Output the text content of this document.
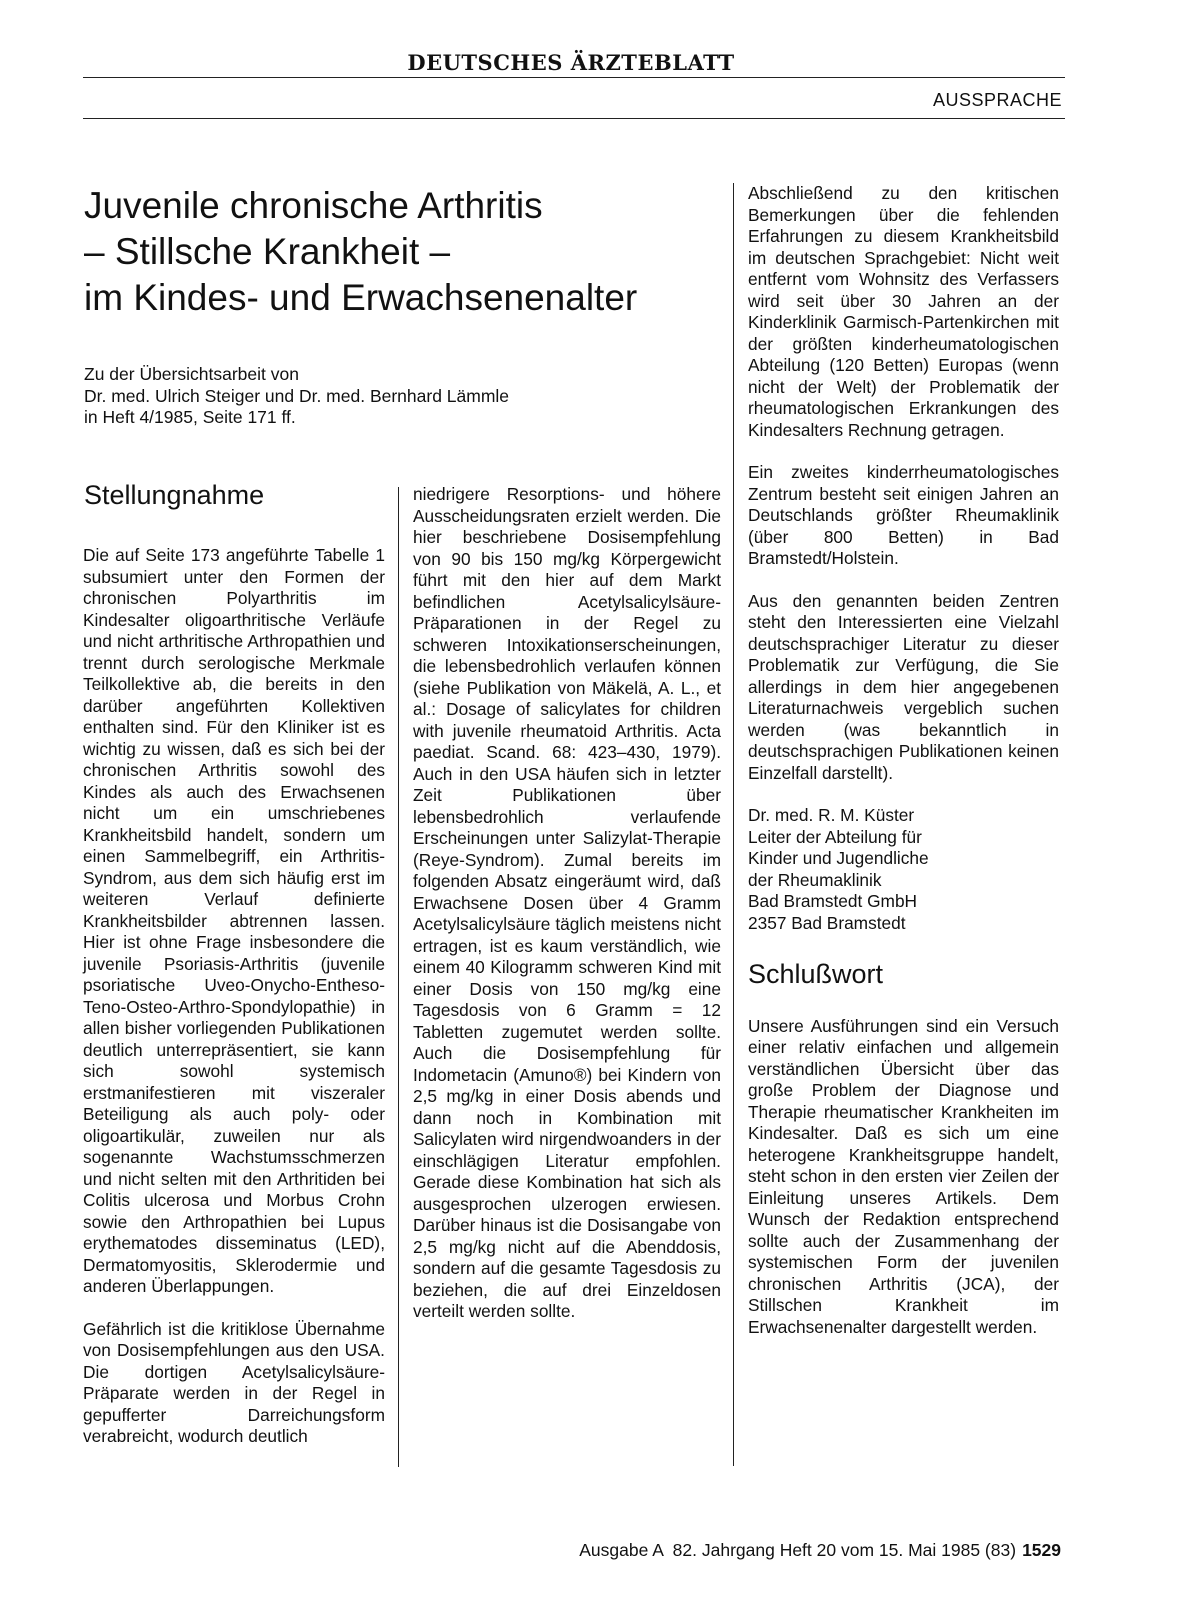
DEUTSCHES ÄRZTEBLATT
AUSSPRACHE
Juvenile chronische Arthritis
– Stillsche Krankheit –
im Kindes- und Erwachsenenalter
Zu der Übersichtsarbeit von
Dr. med. Ulrich Steiger und Dr. med. Bernhard Lämmle
in Heft 4/1985, Seite 171 ff.
Stellungnahme

Die auf Seite 173 angeführte Tabelle 1 subsumiert unter den Formen der chronischen Polyarthritis im Kindesalter oligoarthritische Verläufe und nicht arthritische Arthropathien und trennt durch serologische Merkmale Teilkollektive ab, die bereits in den darüber angeführten Kollektiven enthalten sind. Für den Kliniker ist es wichtig zu wissen, daß es sich bei der chronischen Arthritis sowohl des Kindes als auch des Erwachsenen nicht um ein umschriebenes Krankheitsbild handelt, sondern um einen Sammelbegriff, ein Arthritis-Syndrom, aus dem sich häufig erst im weiteren Verlauf definierte Krankheitsbilder abtrennen lassen. Hier ist ohne Frage insbesondere die juvenile Psoriasis-Arthritis (juvenile psoriatische Uveo-Onycho-Entheso-Teno-Osteo-Arthro-Spondylopathie) in allen bisher vorliegenden Publikationen deutlich unterrepräsentiert, sie kann sich sowohl systemisch erstmanifestieren mit viszeraler Beteiligung als auch poly- oder oligoartikulär, zuweilen nur als sogenannte Wachstumsschmerzen und nicht selten mit den Arthritiden bei Colitis ulcerosa und Morbus Crohn sowie den Arthropathien bei Lupus erythematodes disseminatus (LED), Dermatomyositis, Sklerodermie und anderen Überlappungen.

Gefährlich ist die kritiklose Übernahme von Dosisempfehlungen aus den USA. Die dortigen Acetylsalicylsäure-Präparate werden in der Regel in gepufferter Darreichungsform verabreicht, wodurch deutlich

niedrigere Resorptions- und höhere Ausscheidungsraten erzielt werden. Die hier beschriebene Dosisempfehlung von 90 bis 150 mg/kg Körpergewicht führt mit den hier auf dem Markt befindlichen Acetylsalicylsäure-Präparationen in der Regel zu schweren Intoxikationserscheinungen, die lebensbedrohlich verlaufen können (siehe Publikation von Mäkelä, A. L., et al.: Dosage of salicylates for children with juvenile rheumatoid Arthritis. Acta paediat. Scand. 68: 423–430, 1979). Auch in den USA häufen sich in letzter Zeit Publikationen über lebensbedrohlich verlaufende Erscheinungen unter Salizylat-Therapie (Reye-Syndrom). Zumal bereits im folgenden Absatz eingeräumt wird, daß Erwachsene Dosen über 4 Gramm Acetylsalicylsäure täglich meistens nicht ertragen, ist es kaum verständlich, wie einem 40 Kilogramm schweren Kind mit einer Dosis von 150 mg/kg eine Tagesdosis von 6 Gramm = 12 Tabletten zugemutet werden sollte. Auch die Dosisempfehlung für Indometacin (Amuno®) bei Kindern von 2,5 mg/kg in einer Dosis abends und dann noch in Kombination mit Salicylaten wird nirgendwoanders in der einschlägigen Literatur empfohlen. Gerade diese Kombination hat sich als ausgesprochen ulzerogen erwiesen. Darüber hinaus ist die Dosisangabe von 2,5 mg/kg nicht auf die Abenddosis, sondern auf die gesamte Tagesdosis zu beziehen, die auf drei Einzeldosen verteilt werden sollte.

Abschließend zu den kritischen Bemerkungen über die fehlenden Erfahrungen zu diesem Krankheitsbild im deutschen Sprachgebiet: Nicht weit entfernt vom Wohnsitz des Verfassers wird seit über 30 Jahren an der Kinderklinik Garmisch-Partenkirchen mit der größten kinderheumatologischen Abteilung (120 Betten) Europas (wenn nicht der Welt) der Problematik der rheumatologischen Erkrankungen des Kindesalters Rechnung getragen.

Ein zweites kinderrheumatologisches Zentrum besteht seit einigen Jahren an Deutschlands größter Rheumaklinik (über 800 Betten) in Bad Bramstedt/Holstein.

Aus den genannten beiden Zentren steht den Interessierten eine Vielzahl deutschsprachiger Literatur zu dieser Problematik zur Verfügung, die Sie allerdings in dem hier angegebenen Literaturnachweis vergeblich suchen werden (was bekanntlich in deutschsprachigen Publikationen keinen Einzelfall darstellt).

Dr. med. R. M. Küster
Leiter der Abteilung für
Kinder und Jugendliche
der Rheumaklinik
Bad Bramstedt GmbH
2357 Bad Bramstedt

Schlußwort

Unsere Ausführungen sind ein Versuch einer relativ einfachen und allgemein verständlichen Übersicht über das große Problem der Diagnose und Therapie rheumatischer Krankheiten im Kindesalter. Daß es sich um eine heterogene Krankheitsgruppe handelt, steht schon in den ersten vier Zeilen der Einleitung unseres Artikels. Dem Wunsch der Redaktion entsprechend sollte auch der Zusammenhang der systemischen Form der juvenilen chronischen Arthritis (JCA), der Stillschen Krankheit im Erwachsenenalter dargestellt werden.

Ausgabe A  82. Jahrgang Heft 20 vom 15. Mai 1985 (83) 1529
